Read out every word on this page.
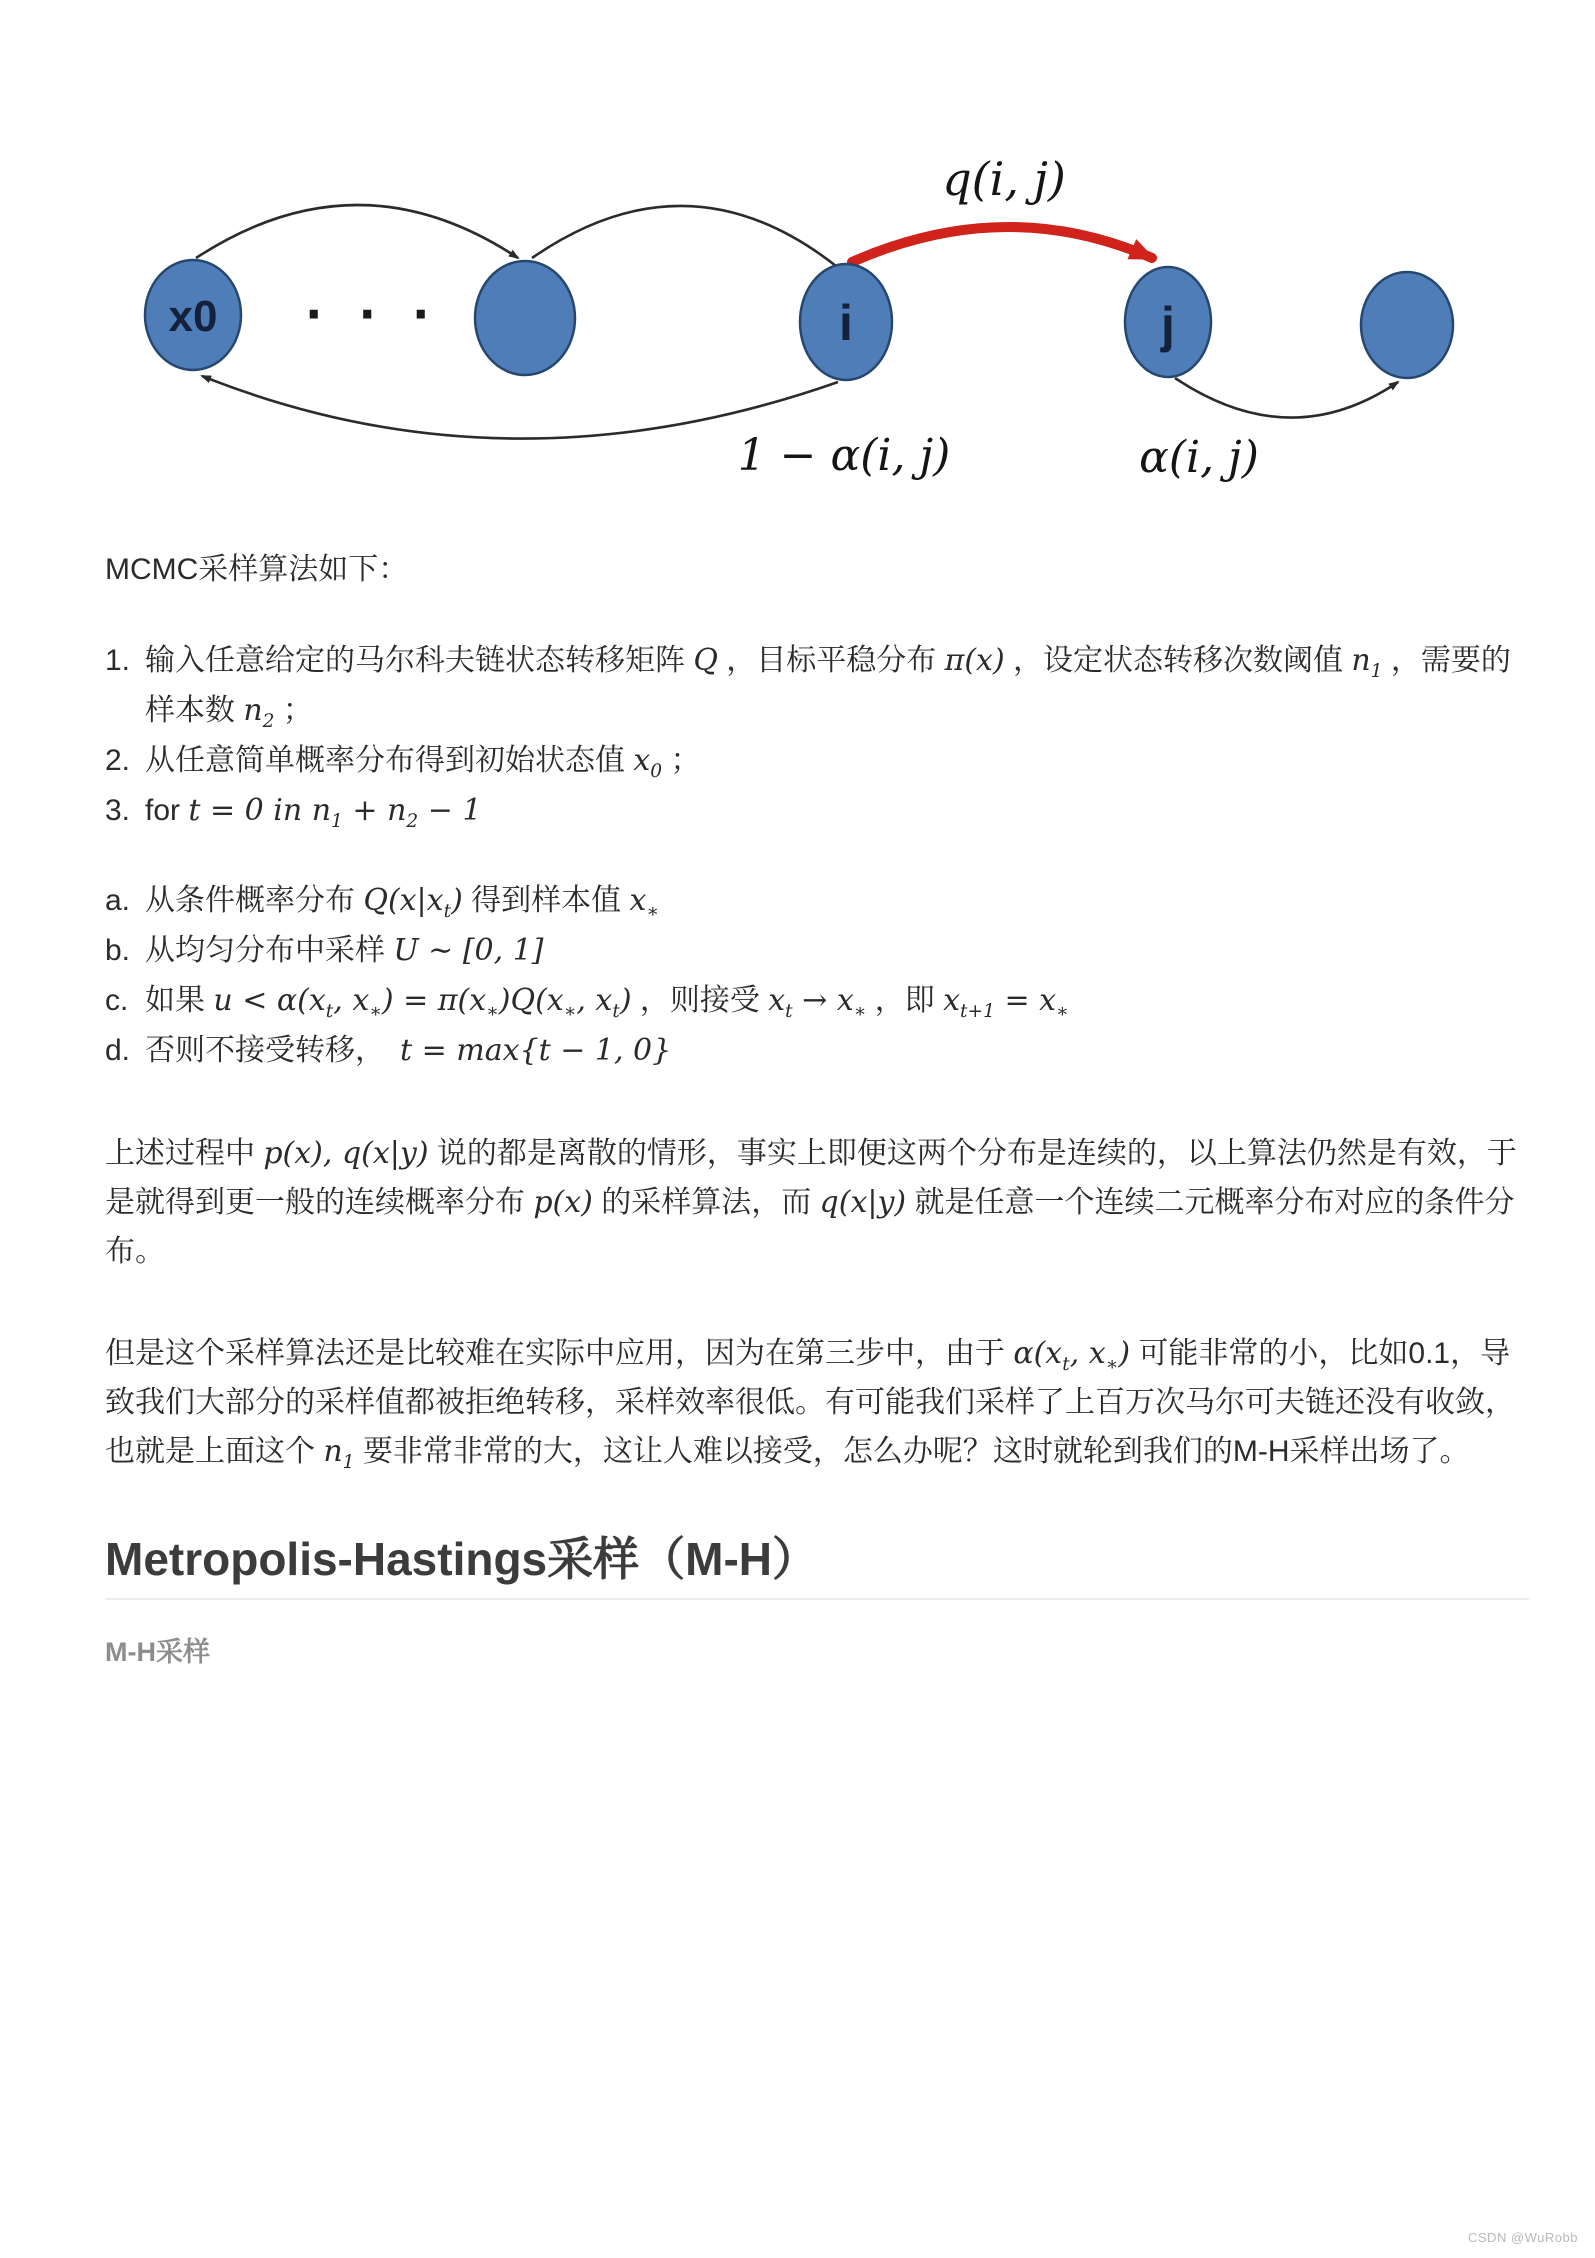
x0	i	j
· · ·
q(i, j)
1 − α(i, j)	α(i, j)

MCMC采样算法如下：

1. 输入任意给定的马尔科夫链状态转移矩阵 Q ，目标平稳分布 π(x) ，设定状态转移次数阈值 $n_1$ ，需要的样本数 $n_2$ ；
2. 从任意简单概率分布得到初始状态值 $x_0$ ；
3. for t = 0 in $n_1 + n_2 - 1$
a. 从条件概率分布 $Q(x|x_t)$ 得到样本值 $x_∗$
b. 从均匀分布中采样 U ∼ [0, 1]
c. 如果 $u < \alpha(x_t$, $x_∗) = \pi(x_∗)Q(x_∗$, $x_t$) ，则接受 $x_t \to x_∗$ ，即 $x_{t+1} = x_∗$
d. 否则不接受转移，　t = max{t − 1, 0}

上述过程中 p(x), q(x|y) 说的都是离散的情形，事实上即便这两个分布是连续的，以上算法仍然是有效，于是就得到更一般的连续概率分布 p(x) 的采样算法，而 q(x|y) 就是任意一个连续二元概率分布对应的条件分布。

但是这个采样算法还是比较难在实际中应用，因为在第三步中，由于 $\alpha(x_t$, $x_∗$) 可能非常的小，比如0.1，导致我们大部分的采样值都被拒绝转移，采样效率很低。有可能我们采样了上百万次马尔可夫链还没有收敛，也就是上面这个 $n_1$ 要非常非常的大，这让人难以接受，怎么办呢？这时就轮到我们的M-H采样出场了。

Metropolis-Hastings采样（M-H）

M-H采样

CSDN @WuRobb
